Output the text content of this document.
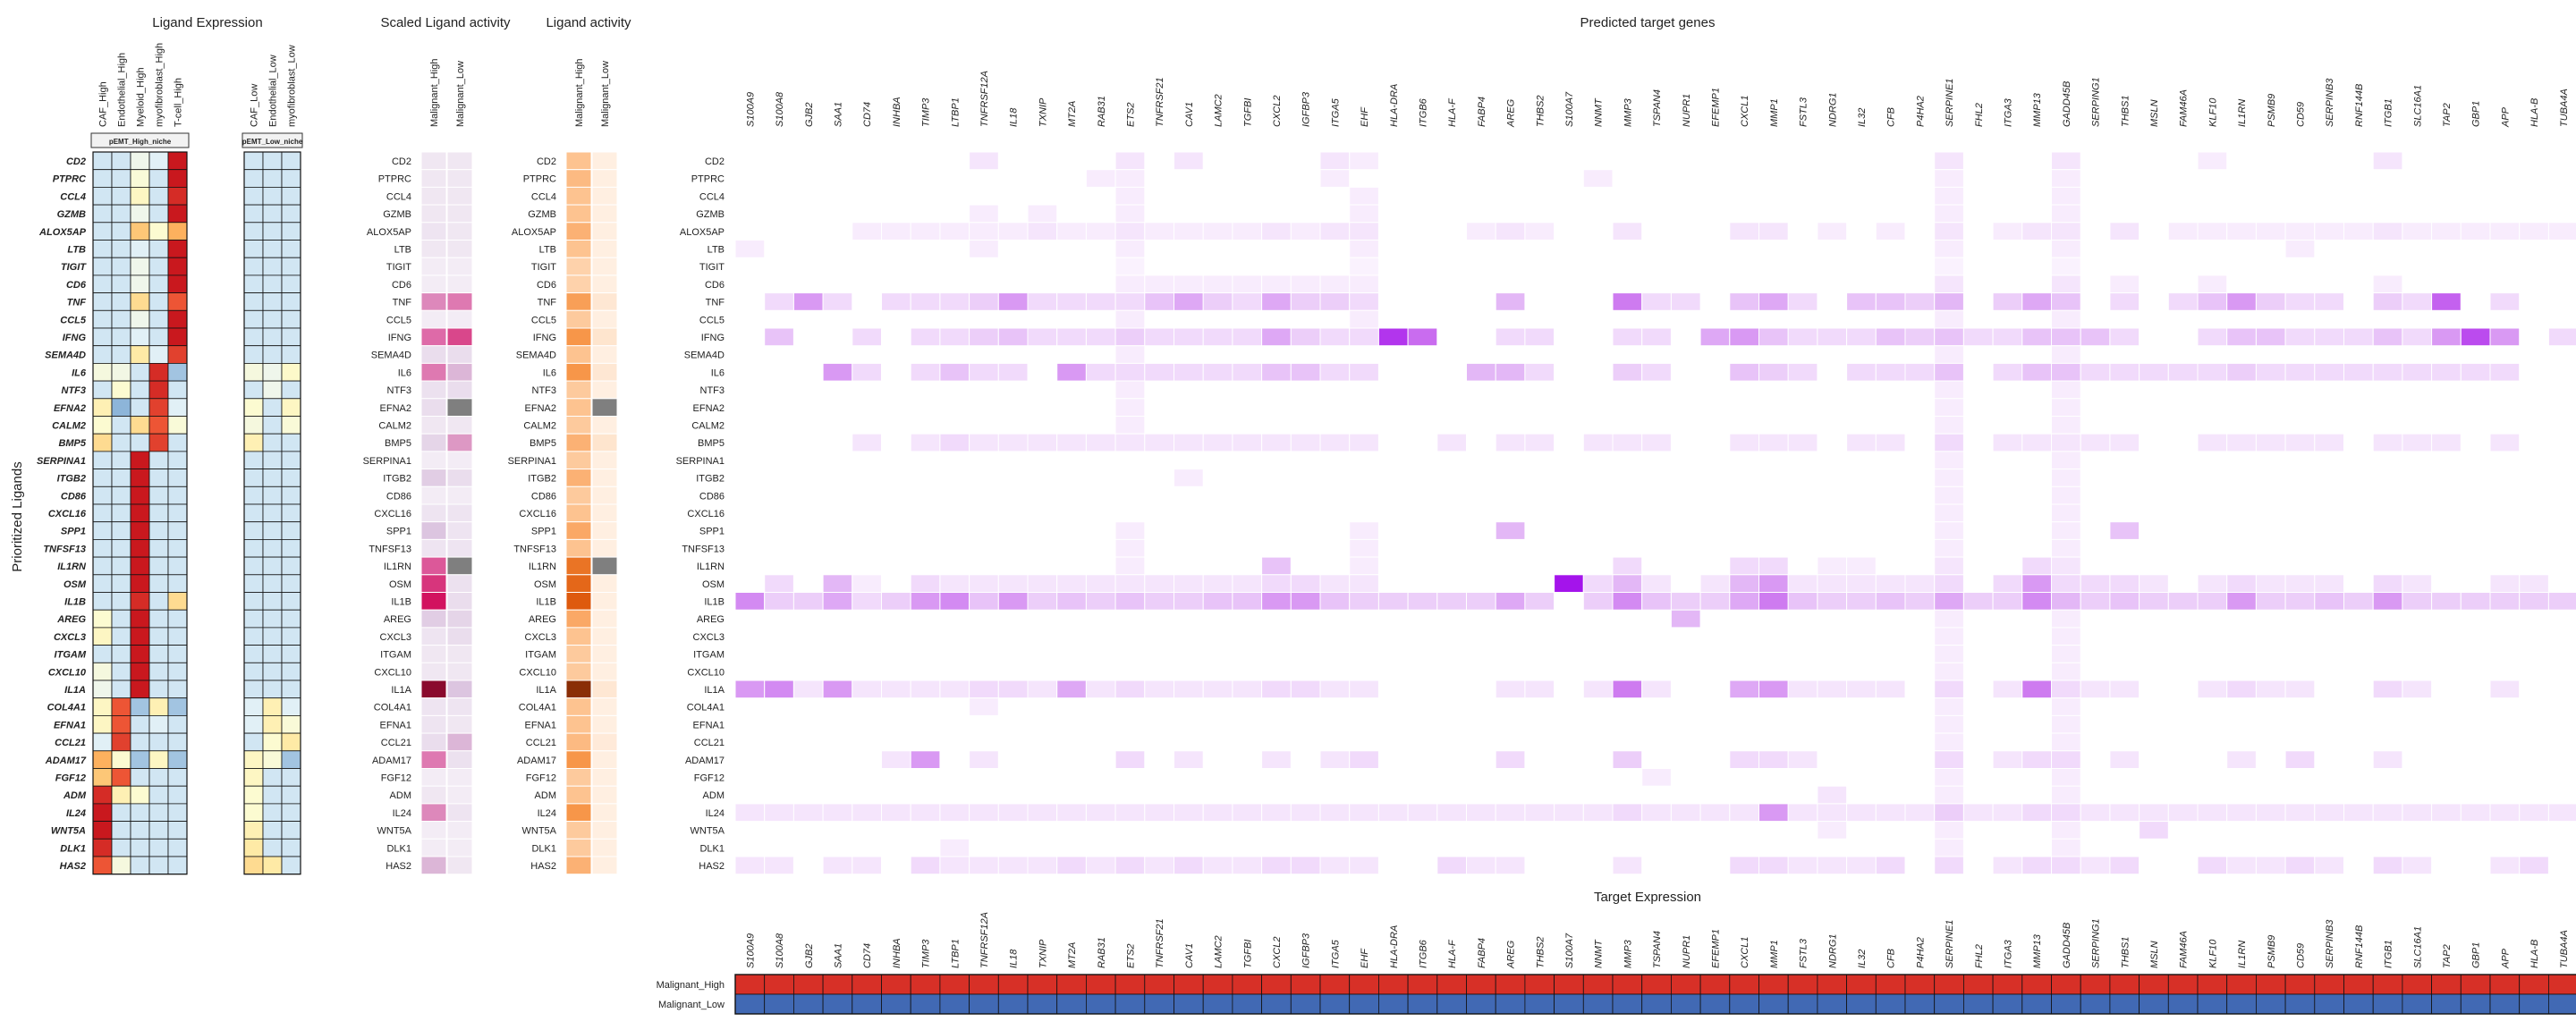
Ligand Expression	Scaled Ligand activity	Ligand activity	Predicted target genes
Target Expression
Prioritized Ligands
pEMT_High_niche	pEMT_Low_niche
CAF_High Endothelial_High Myeloid_High myofibroblast_High T-cell_High	CAF_Low Endothelial_Low myofibroblast_Low
CD2
PTPRC
CCL4
GZMB
ALOX5AP
LTB
TIGIT
CD6
TNF
CCL5
IFNG
SEMA4D
IL6
NTF3
EFNA2
CALM2
BMP5
SERPINA1
ITGB2
CD86
CXCL16
SPP1
TNFSF13
IL1RN
OSM
IL1B
AREG
CXCL3
ITGAM
CXCL10
IL1A
COL4A1
EFNA1
CCL21
ADAM17
FGF12
ADM
IL24
WNT5A
DLK1
HAS2
Malignant_High Malignant_Low
CD2
PTPRC
CCL4
GZMB
ALOX5AP
LTB
TIGIT
CD6
TNF
CCL5
IFNG
SEMA4D
IL6
NTF3
EFNA2
CALM2
BMP5
SERPINA1
ITGB2
CD86
CXCL16
SPP1
TNFSF13
IL1RN
OSM
IL1B
AREG
CXCL3
ITGAM
CXCL10
IL1A
COL4A1
EFNA1
CCL21
ADAM17
FGF12
ADM
IL24
WNT5A
DLK1
HAS2
Malignant_High Malignant_Low
CD2
PTPRC
CCL4
GZMB
ALOX5AP
LTB
TIGIT
CD6
TNF
CCL5
IFNG
SEMA4D
IL6
NTF3
EFNA2
CALM2
BMP5
SERPINA1
ITGB2
CD86
CXCL16
SPP1
TNFSF13
IL1RN
OSM
IL1B
AREG
CXCL3
ITGAM
CXCL10
IL1A
COL4A1
EFNA1
CCL21
ADAM17
FGF12
ADM
IL24
WNT5A
DLK1
HAS2
S100A9 S100A8 GJB2 SAA1 CD74 INHBA TIMP3 LTBP1 TNFRSF12A IL18 TXNIP MT2A RAB31 ETS2 TNFRSF21 CAV1 LAMC2 TGFBI CXCL2 IGFBP3 ITGA5 EHF HLA-DRA ITGB6 HLA-F FABP4 AREG THBS2 S100A7 NNMT MMP3 TSPAN4 NUPR1 EFEMP1 CXCL1 MMP1 FSTL3 NDRG1 IL32 CFB P4HA2 SERPINE1 FHL2 ITGA3 MMP13 GADD45B SERPING1 THBS1 MSLN FAM46A KLF10 IL1RN PSMB9 CD59 SERPINB3 RNF144B ITGB1 SLC16A1 TAP2 GBP1 APP HLA-B TUBA4A
CD2
PTPRC
CCL4
GZMB
ALOX5AP
LTB
TIGIT
CD6
TNF
CCL5
IFNG
SEMA4D
IL6
NTF3
EFNA2
CALM2
BMP5
SERPINA1
ITGB2
CD86
CXCL16
SPP1
TNFSF13
IL1RN
OSM
IL1B
AREG
CXCL3
ITGAM
CXCL10
IL1A
COL4A1
EFNA1
CCL21
ADAM17
FGF12
ADM
IL24
WNT5A
DLK1
HAS2
S100A9 S100A8 GJB2 SAA1 CD74 INHBA TIMP3 LTBP1 TNFRSF12A IL18 TXNIP MT2A RAB31 ETS2 TNFRSF21 CAV1 LAMC2 TGFBI CXCL2 IGFBP3 ITGA5 EHF HLA-DRA ITGB6 HLA-F FABP4 AREG THBS2 S100A7 NNMT MMP3 TSPAN4 NUPR1 EFEMP1 CXCL1 MMP1 FSTL3 NDRG1 IL32 CFB P4HA2 SERPINE1 FHL2 ITGA3 MMP13 GADD45B SERPING1 THBS1 MSLN FAM46A KLF10 IL1RN PSMB9 CD59 SERPINB3 RNF144B ITGB1 SLC16A1 TAP2 GBP1 APP HLA-B TUBA4A
Malignant_High
Malignant_Low
